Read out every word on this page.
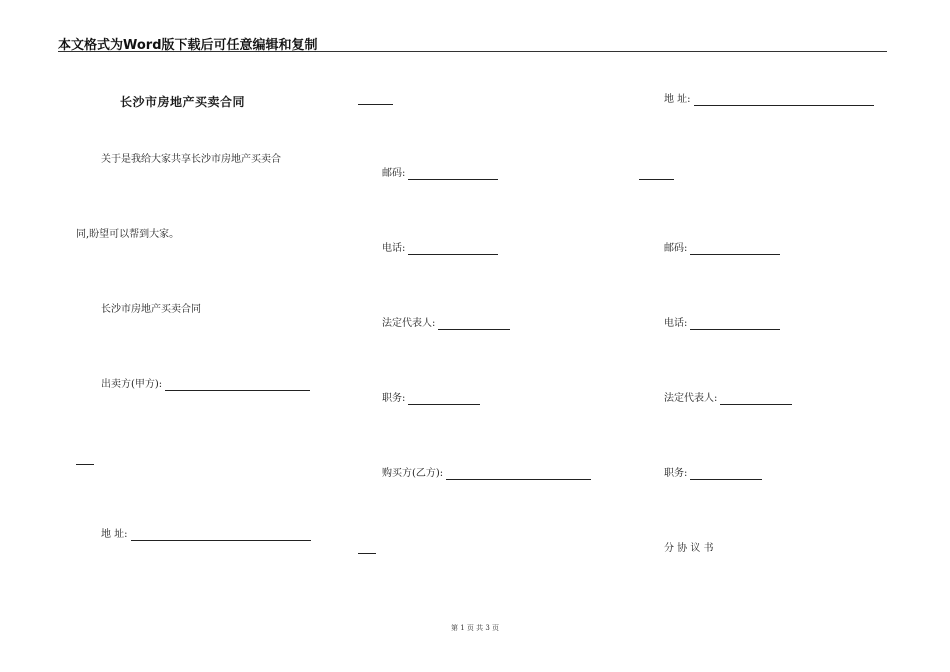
本文格式为Word版下载后可任意编辑和复制
长沙市房地产买卖合同
关于是我给大家共享长沙市房地产买卖合
同,盼望可以帮到大家。
长沙市房地产买卖合同
出卖方(甲方):
地 址:
邮码:
电话:
法定代表人:
职务:
购买方(乙方):
地 址:
邮码:
电话:
法定代表人:
职务:
分 协 议 书
第 1 页 共 3 页
